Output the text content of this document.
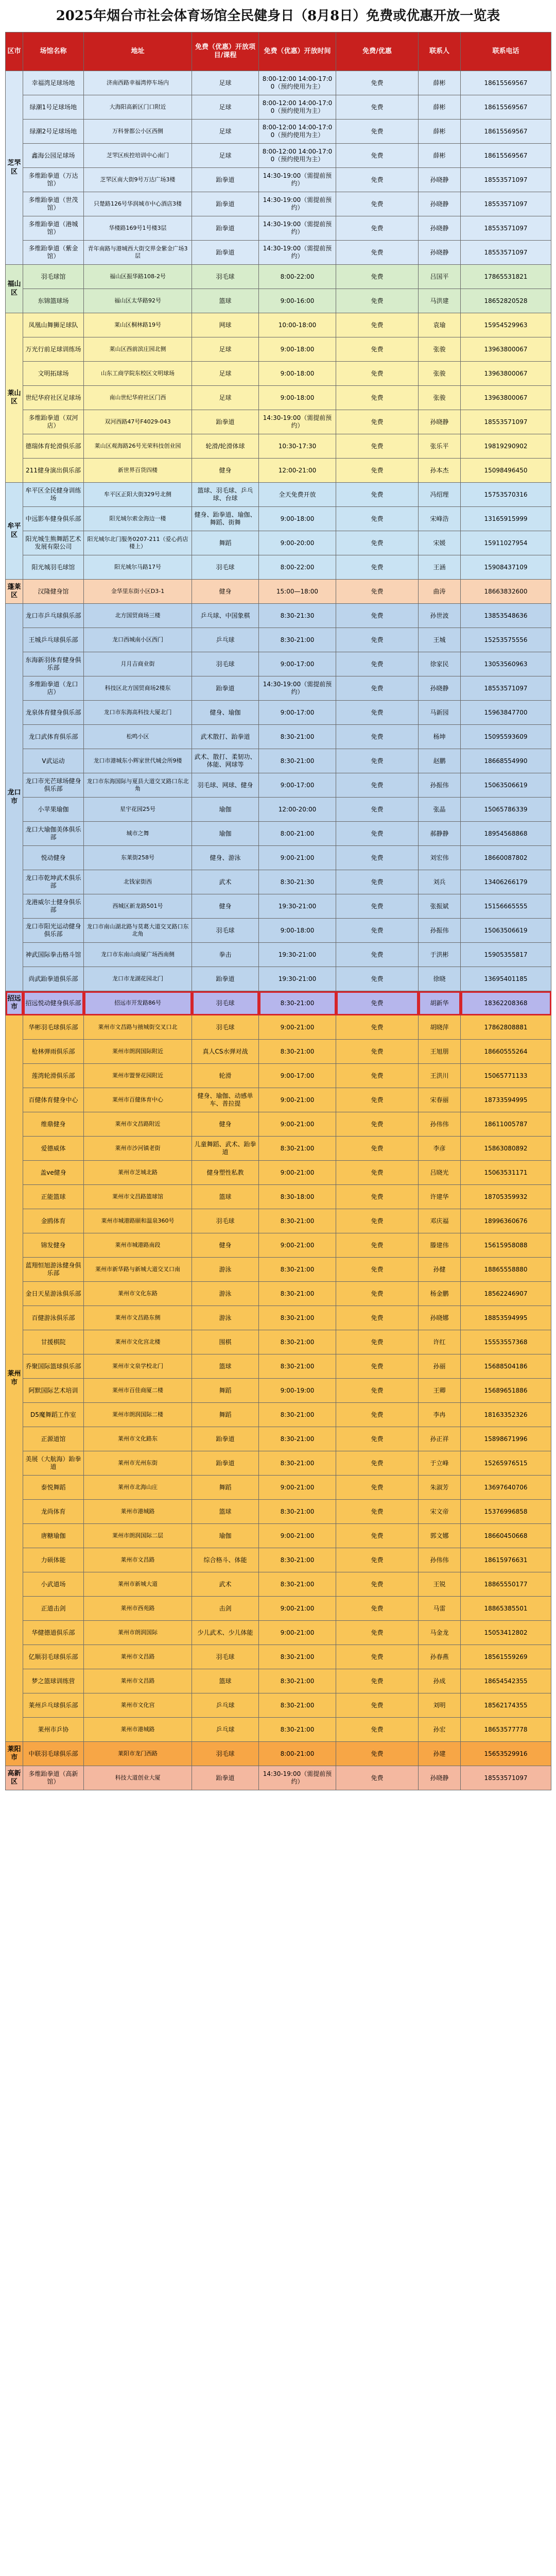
2025年烟台市社会体育场馆全民健身日（8月8日）免费或优惠开放一览表
区市	场馆名称	地址	免费（优惠）开放项目/课程	免费（优惠）开放时间	免费/优惠	联系人	联系电话
芝罘区	幸福湾足球场地	济南西路幸福湾停车场内	足球	8:00-12:00 14:00-17:00（预约使用为主）	免费	薛彬	18615569567
	绿潮1号足球场地	大海阳高新区门口附近	足球	8:00-12:00 14:00-17:00（预约使用为主）	免费	薛彬	18615569567
	绿潮2号足球场地	万科誉都公小区西侧	足球	8:00-12:00 14:00-17:00（预约使用为主）	免费	薛彬	18615569567
	鑫海公园足球场	芝罘区疾控培训中心南门	足球	8:00-12:00 14:00-17:00（预约使用为主）	免费	薛彬	18615569567
	多维跆拳道（万达馆）	芝罘区南大街9号万达广场3楼	跆拳道	14:30-19:00（需提前预约）	免费	孙晓静	18553571097
	多维跆拳道（世茂馆）	只楚路126号华润城市中心酒店3楼	跆拳道	14:30-19:00（需提前预约）	免费	孙晓静	18553571097
	多维跆拳道（港城馆）	华楼路169号1号楼3层	跆拳道	14:30-19:00（需提前预约）	免费	孙晓静	18553571097
	多维跆拳道（紫金馆）	青年南路与港城西大街交界金紫金广场3层	跆拳道	14:30-19:00（需提前预约）	免费	孙晓静	18553571097
福山区	羽毛球馆	福山区振华路108-2号	羽毛球	8:00-22:00	免费	吕国平	17865531821
	东锦篮球场	福山区太华路92号	篮球	9:00-16:00	免费	马洪建	18652820528
莱山区	凤凰山舞狮足球队	莱山区桐林路19号	网球	10:00-18:00	免费	袁瑜	15954529963
	万光行前足球训练场	莱山区西前滨庄园北侧	足球	9:00-18:00	免费	张骏	13963800067
	文明拓球场	山东工商学院东校区文明球场	足球	9:00-18:00	免费	张骏	13963800067
	世纪华府社区足球场	南山世纪华府社区门西	足球	9:00-18:00	免费	张骏	13963800067
	多维跆拳道（双河店）	双河西路47号F4029-043	跆拳道	14:30-19:00（需提前预约）	免费	孙晓静	18553571097
	德瑞体育轮滑俱乐部	莱山区观海路26号光荣科技创业园	轮滑/轮滑体球	10:30-17:30	免费	张乐平	19819290902
	211健身演出俱乐部	新世界百货四楼	健身	12:00-21:00	免费	孙本杰	15098496450
牟平区	牟平区全民健身训练场	牟平区正阳大街329号北侧	篮球、羽毛球、乒乓球、台球	全天免费开放	免费	冯绍理	15753570316
	中远影车健身俱乐部	阳光城尔索金海边一楼	健身、跆拳道、瑜伽、舞蹈、街舞	9:00-18:00	免费	宋峰浩	13165915999
	阳光城生熊舞蹈艺术发展有限公司	阳光城尔北门服务0207-211（爱心药店楼上）	舞蹈	9:00-20:00	免费	宋媛	15911027954
	阳光城羽毛球馆	阳光城尔马路17号	羽毛球	8:00-22:00	免费	王涵	15908437109
蓬莱区	汉隆健身馆	金华里东街小区D3-1	健身	15:00—18:00	免费	曲涛	18663832600
龙口市	龙口市乒乓球俱乐部	北方国贸商场三楼	乒乓球、中国象棋	8:30-21:30	免费	孙世波	13853548636
	王城乒乓球俱乐部	龙口西城南小区西门	乒乓球	8:30-21:00	免费	王城	15253575556
	东海新羽体育健身俱乐部	月月吉商业街	羽毛球	9:00-17:00	免费	徐家民	13053560963
	多维跆拳道（龙口店）	科技区北方国贸商场2楼东	跆拳道	14:30-19:00（需提前预约）	免费	孙晓静	18553571097
	龙泉体育健身俱乐部	龙口市东海高科技大厦北门	健身、瑜伽	9:00-17:00	免费	马新园	15963847700
	龙口武体育俱乐部	松鸣小区	武术散打、跆拳道	8:30-21:00	免费	杨坤	15095593609
	V武运动	龙口市港城东小辉家世代城会所9楼	武术、散打、柔韧功、体能、网球等	8:30-21:00	免费	赵鹏	18668554990
	龙口市光芒球场健身俱乐部	龙口市东海国际与夏县大道交叉路口东北角	羽毛球、网球、健身	9:00-17:00	免费	孙振伟	15063506619
	小苹果瑜伽	星宇花园25号	瑜伽	12:00-20:00	免费	张晶	15065786339
	龙口大瑜伽美体俱乐部	城市之舞	瑜伽	8:00-21:00	免费	郝静静	18954568868
	悦动健身	东莱街258号	健身、游泳	9:00-21:00	免费	刘宏伟	18660087802
	龙口市乾坤武术俱乐部	北钱家街西	武术	8:30-21:30	免费	刘兵	13406266179
	龙港威尔士健身俱乐部	西城区新龙路501号	健身	19:30-21:00	免费	张振斌	15156665555
	龙口市阳光运动健身俱乐部	龙口市南山湖北路与莫葛大道交叉路口东北角	羽毛球	9:00-18:00	免费	孙振伟	15063506619
	神武国际拳击格斗馆	龙口市东南山商厦广场西南侧	拳击	19:30-21:00	免费	于洪彬	15905355817
	尚武跆拳道俱乐部	龙口市龙湖花园北门	跆拳道	19:30-21:00	免费	徐晓	13695401185
招远市	招远悦动健身俱乐部	招远市开发路86号	羽毛球	8:30-21:00	免费	胡新华	18362208368
莱州市	华彬羽毛球俱乐部	莱州市文昌路与掖城街交叉口北	羽毛球	9:00-21:00	免费	胡晓萍	17862808881
	枪林弹雨俱乐部	莱州市朗润国际附近	真人CS水弹对战	8:30-21:00	免费	王旭朋	18660555264
	莲湾轮滑俱乐部	莱州市盟誉花园附近	轮滑	9:00-17:00	免费	王洪川	15065771133
	百健体育健身中心	莱州市百健体育中心	健身、瑜伽、动感单车、普拉提	9:00-21:00	免费	宋春丽	18733594995
	维鼎健身	莱州市文昌路附近	健身	9:00-21:00	免费	孙伟伟	18611005787
	爱德威体	莱州市沙河镇老街	儿童舞蹈、武术、跆拳道	8:30-21:00	免费	李彦	15863080892
	盖ve健身	莱州市芝城北路	健身塑性私教	9:00-21:00	免费	吕晓光	15063531171
	正能篮球	莱州市文昌路篮球馆	篮球	8:30-18:00	免费	许建华	18705359932
	金鸥体育	莱州市城港路颐和温泉360号	羽毛球	8:30-21:00	免费	邓庆福	18996360676
	锦发健身	莱州市城港路南段	健身	9:00-21:00	免费	滕建伟	15615958088
	蓝翔恒旭游泳健身俱乐部	莱州市新华路与新城大道交叉口南	游泳	8:30-21:00	免费	孙健	18865558880
	金日天星游泳俱乐部	莱州市文化东路	游泳	8:30-21:00	免费	杨金鹏	18562246907
	百健游泳俱乐部	莱州市文昌路东侧	游泳	8:30-21:00	免费	孙晓娜	18853594995
	甘援棋院	莱州市文化宫北楼	围棋	8:30-21:00	免费	许红	15553557368
	乔聚国际篮球俱乐部	莱州市文泉学校北门	篮球	8:30-21:00	免费	孙丽	15688504186
	阿默国际艺术培训	莱州市百佳商厦二楼	舞蹈	9:00-19:00	免费	王卿	15689651886
	D5魔舞蹈工作室	莱州市朗润国际二楼	舞蹈	8:30-21:00	免费	李冉	18163352326
	正源道馆	莱州市文化路东	跆拳道	8:30-21:00	免费	孙正祥	15898671996
	美展（大航海）跆拳道	莱州市光州东街	跆拳道	8:30-21:00	免费	于立峰	15265976515
	泰悦舞蹈	莱州市北海山庄	舞蹈	9:00-21:00	免费	朱淑芳	13697640706
	龙尚体育	莱州市港城路	篮球	8:30-21:00	免费	宋文帝	15376996858
	唐糖瑜伽	莱州市朗润国际二层	瑜伽	9:00-21:00	免费	郭文娜	18660450668
	力硕体能	莱州市文昌路	综合格斗、体能	8:30-21:00	免费	孙伟伟	18615976631
	小武道场	莱州市新城大道	武术	8:30-21:00	免费	王锐	18865550177
	正道击剑	莱州市西苑路	击剑	9:00-21:00	免费	马雷	18865385501
	华健德道俱乐部	莱州市朗润国际	少儿武术、少儿体能	9:00-21:00	免费	马金龙	15053412802
	亿顺羽毛球俱乐部	莱州市文昌路	羽毛球	8:30-21:00	免费	孙春燕	18561559269
	梦之篮球训练营	莱州市文昌路	篮球	8:30-21:00	免费	孙成	18654542355
	莱州乒乓球俱乐部	莱州市文化宫	乒乓球	8:30-21:00	免费	刘明	18562174355
	莱州市乒协	莱州市港城路	乒乓球	8:30-21:00	免费	孙宏	18653577778
莱阳市	中联羽毛球俱乐部	莱阳市龙门西路	羽毛球	8:00-21:00	免费	孙建	15653529916
高新区	多维跆拳道（高新馆）	科技大道创业大厦	跆拳道	14:30-19:00（需提前预约）	免费	孙晓静	18553571097
